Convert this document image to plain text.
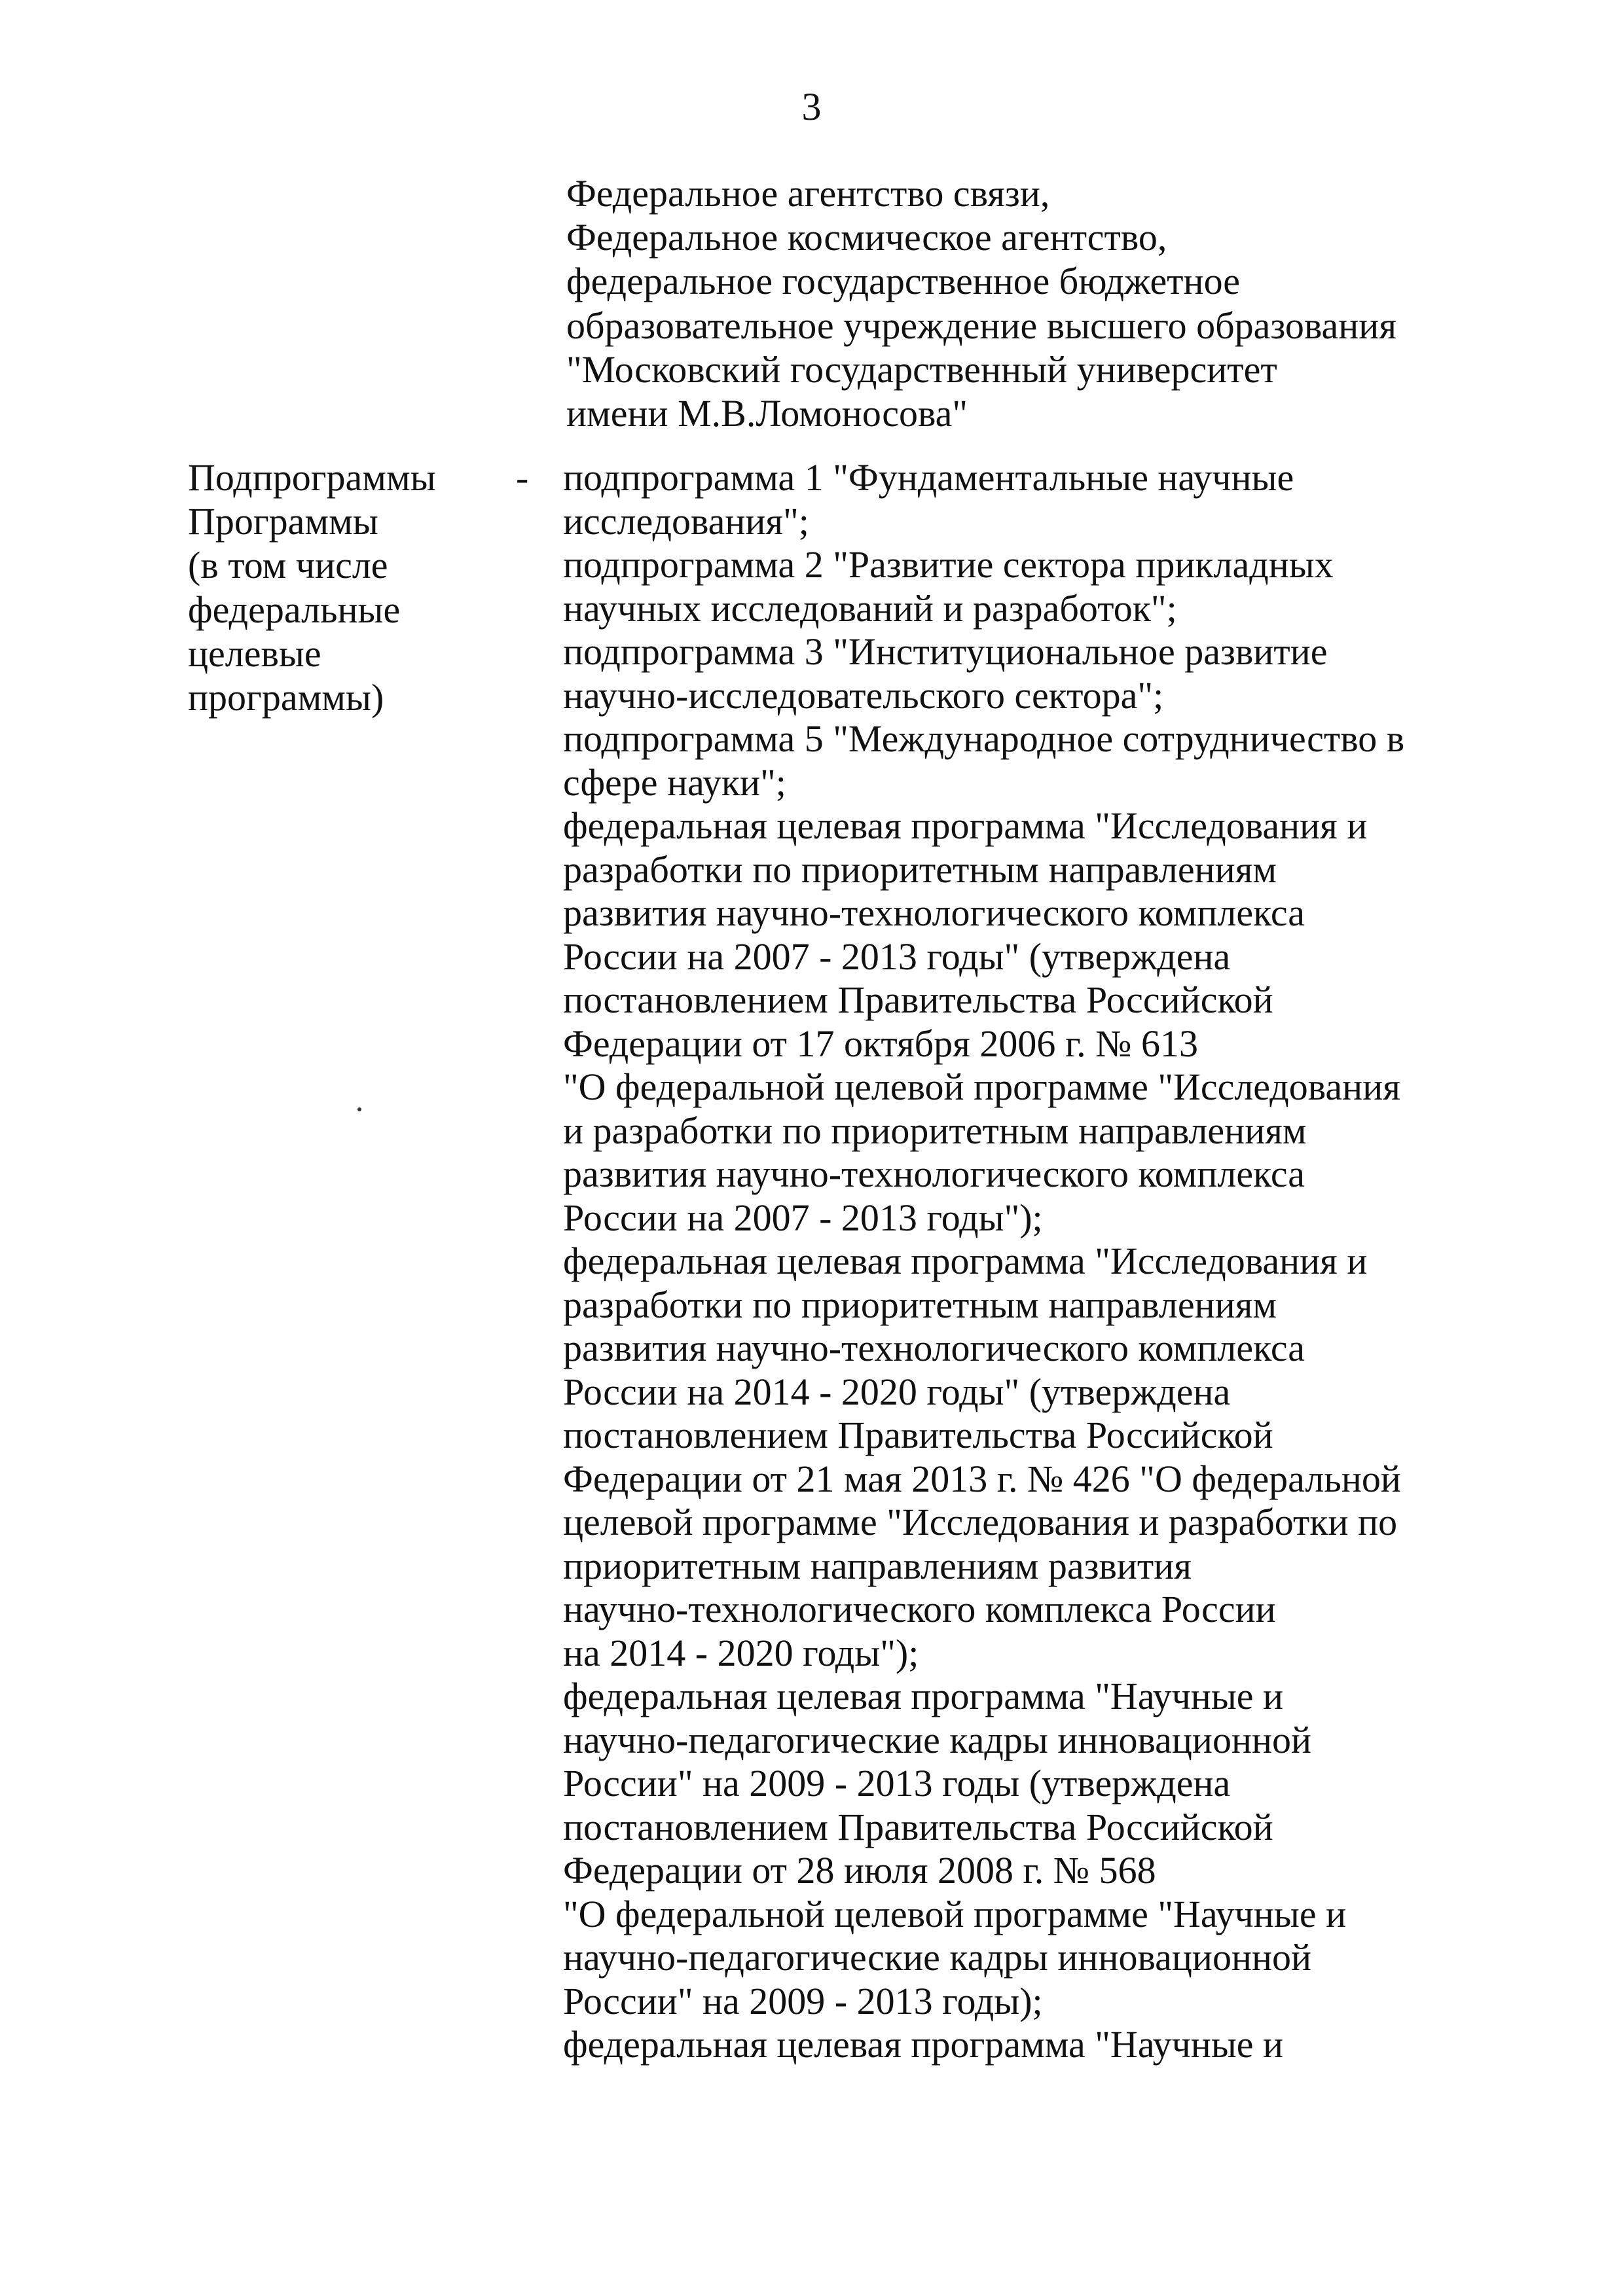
3
Федеральное агентство связи,
Федеральное космическое агентство,
федеральное государственное бюджетное
образовательное учреждение высшего образования
"Московский государственный университет
имени М.В.Ломоносова"
Подпрограммы
Программы
(в том числе
федеральные
целевые
программы)
- подпрограмма 1 "Фундаментальные научные
исследования";
подпрограмма 2 "Развитие сектора прикладных
научных исследований и разработок";
подпрограмма 3 "Институциональное развитие
научно-исследовательского сектора";
подпрограмма 5 "Международное сотрудничество в
сфере науки";
федеральная целевая программа "Исследования и
разработки по приоритетным направлениям
развития научно-технологического комплекса
России на 2007 - 2013 годы" (утверждена
постановлением Правительства Российской
Федерации от 17 октября 2006 г. № 613
"О федеральной целевой программе "Исследования
и разработки по приоритетным направлениям
развития научно-технологического комплекса
России на 2007 - 2013 годы");
федеральная целевая программа "Исследования и
разработки по приоритетным направлениям
развития научно-технологического комплекса
России на 2014 - 2020 годы" (утверждена
постановлением Правительства Российской
Федерации от 21 мая 2013 г. № 426 "О федеральной
целевой программе "Исследования и разработки по
приоритетным направлениям развития
научно-технологического комплекса России
на 2014 - 2020 годы");
федеральная целевая программа "Научные и
научно-педагогические кадры инновационной
России" на 2009 - 2013 годы (утверждена
постановлением Правительства Российской
Федерации от 28 июля 2008 г. № 568
"О федеральной целевой программе "Научные и
научно-педагогические кадры инновационной
России" на 2009 - 2013 годы);
федеральная целевая программа "Научные и
